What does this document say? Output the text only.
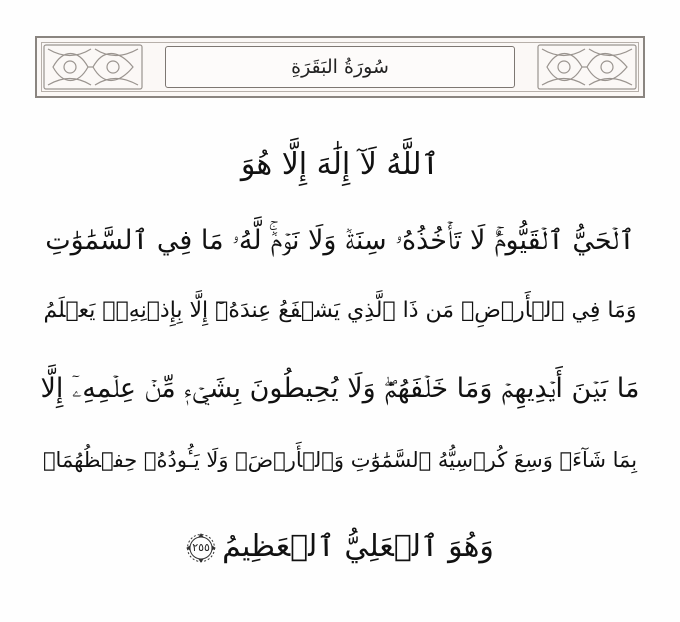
سُورَةُ البَقَرَةِ
ٱللَّهُ لَآ إِلَٰهَ إِلَّا هُوَ
ٱلۡحَيُّ ٱلۡقَيُّومُۚ لَا تَأۡخُذُهُۥ سِنَةٞ وَلَا نَوۡمٞۚ لَّهُۥ مَا فِي ٱلسَّمَٰوَٰتِ
وَمَا فِي ٱلۡأَرۡضِۗ مَن ذَا ٱلَّذِي يَشۡفَعُ عِندَهُۥٓ إِلَّا بِإِذۡنِهِۦۚ يَعۡلَمُ
مَا بَيۡنَ أَيۡدِيهِمۡ وَمَا خَلۡفَهُمۡۖ وَلَا يُحِيطُونَ بِشَيۡءٖ مِّنۡ عِلۡمِهِۦٓ إِلَّا
بِمَا شَآءَۚ وَسِعَ كُرۡسِيُّهُ ٱلسَّمَٰوَٰتِ وَٱلۡأَرۡضَۖ وَلَا يَـُٔودُهُۥ حِفۡظُهُمَاۚ
وَهُوَ ٱلۡعَلِيُّ ٱلۡعَظِيمُ
٢٥٥
